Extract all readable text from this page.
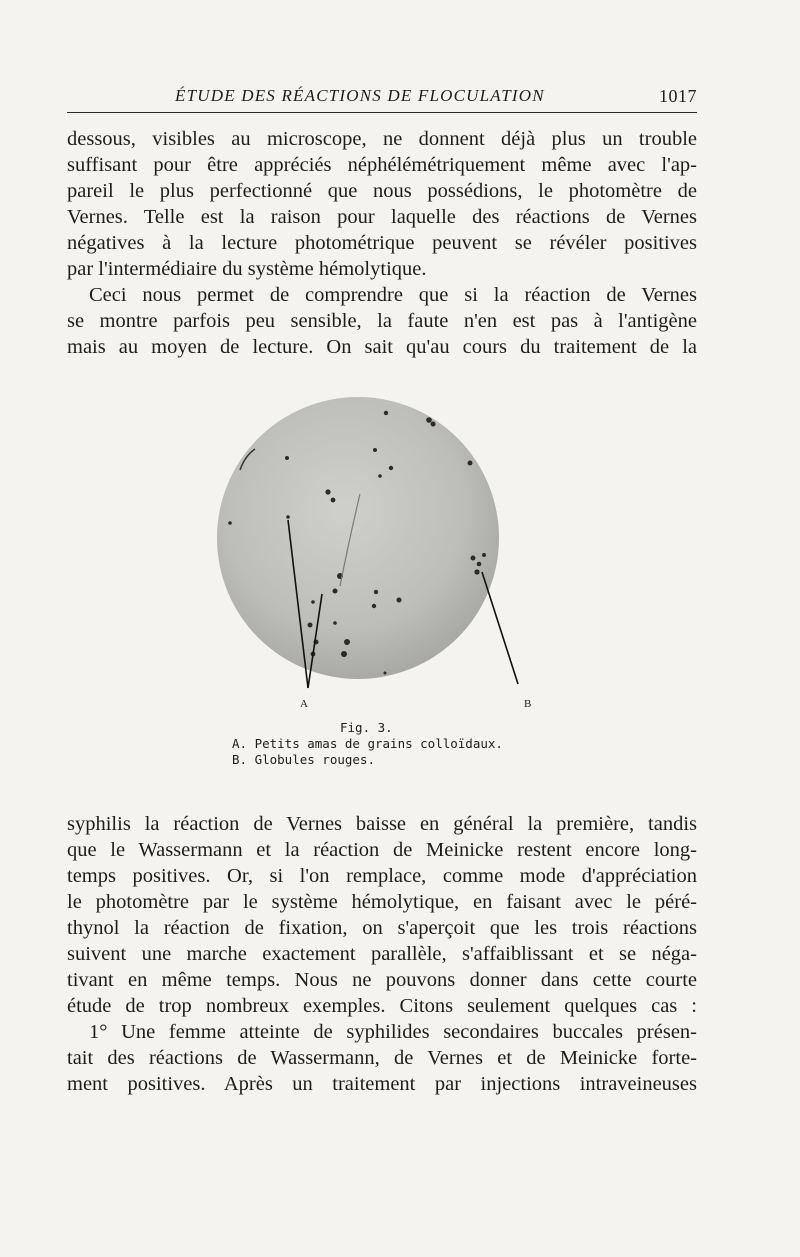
ÉTUDE DES RÉACTIONS DE FLOCULATION	1017
dessous, visibles au microscope, ne donnent déjà plus un trouble
suffisant pour être appréciés néphélémétriquement même avec l'ap-
pareil le plus perfectionné que nous possédions, le photomètre de
Vernes. Telle est la raison pour laquelle des réactions de Vernes
négatives à la lecture photométrique peuvent se révéler positives
par l'intermédiaire du système hémolytique.
Ceci nous permet de comprendre que si la réaction de Vernes
se montre parfois peu sensible, la faute n'en est pas à l'antigène
mais au moyen de lecture. On sait qu'au cours du traitement de la
A	B
Fig. 3.
A. Petits amas de grains colloïdaux.
B. Globules rouges.
syphilis la réaction de Vernes baisse en général la première, tandis
que le Wassermann et la réaction de Meinicke restent encore long-
temps positives. Or, si l'on remplace, comme mode d'appréciation
le photomètre par le système hémolytique, en faisant avec le péré-
thynol la réaction de fixation, on s'aperçoit que les trois réactions
suivent une marche exactement parallèle, s'affaiblissant et se néga-
tivant en même temps. Nous ne pouvons donner dans cette courte
étude de trop nombreux exemples. Citons seulement quelques cas :
1° Une femme atteinte de syphilides secondaires buccales présen-
tait des réactions de Wassermann, de Vernes et de Meinicke forte-
ment positives. Après un traitement par injections intraveineuses
